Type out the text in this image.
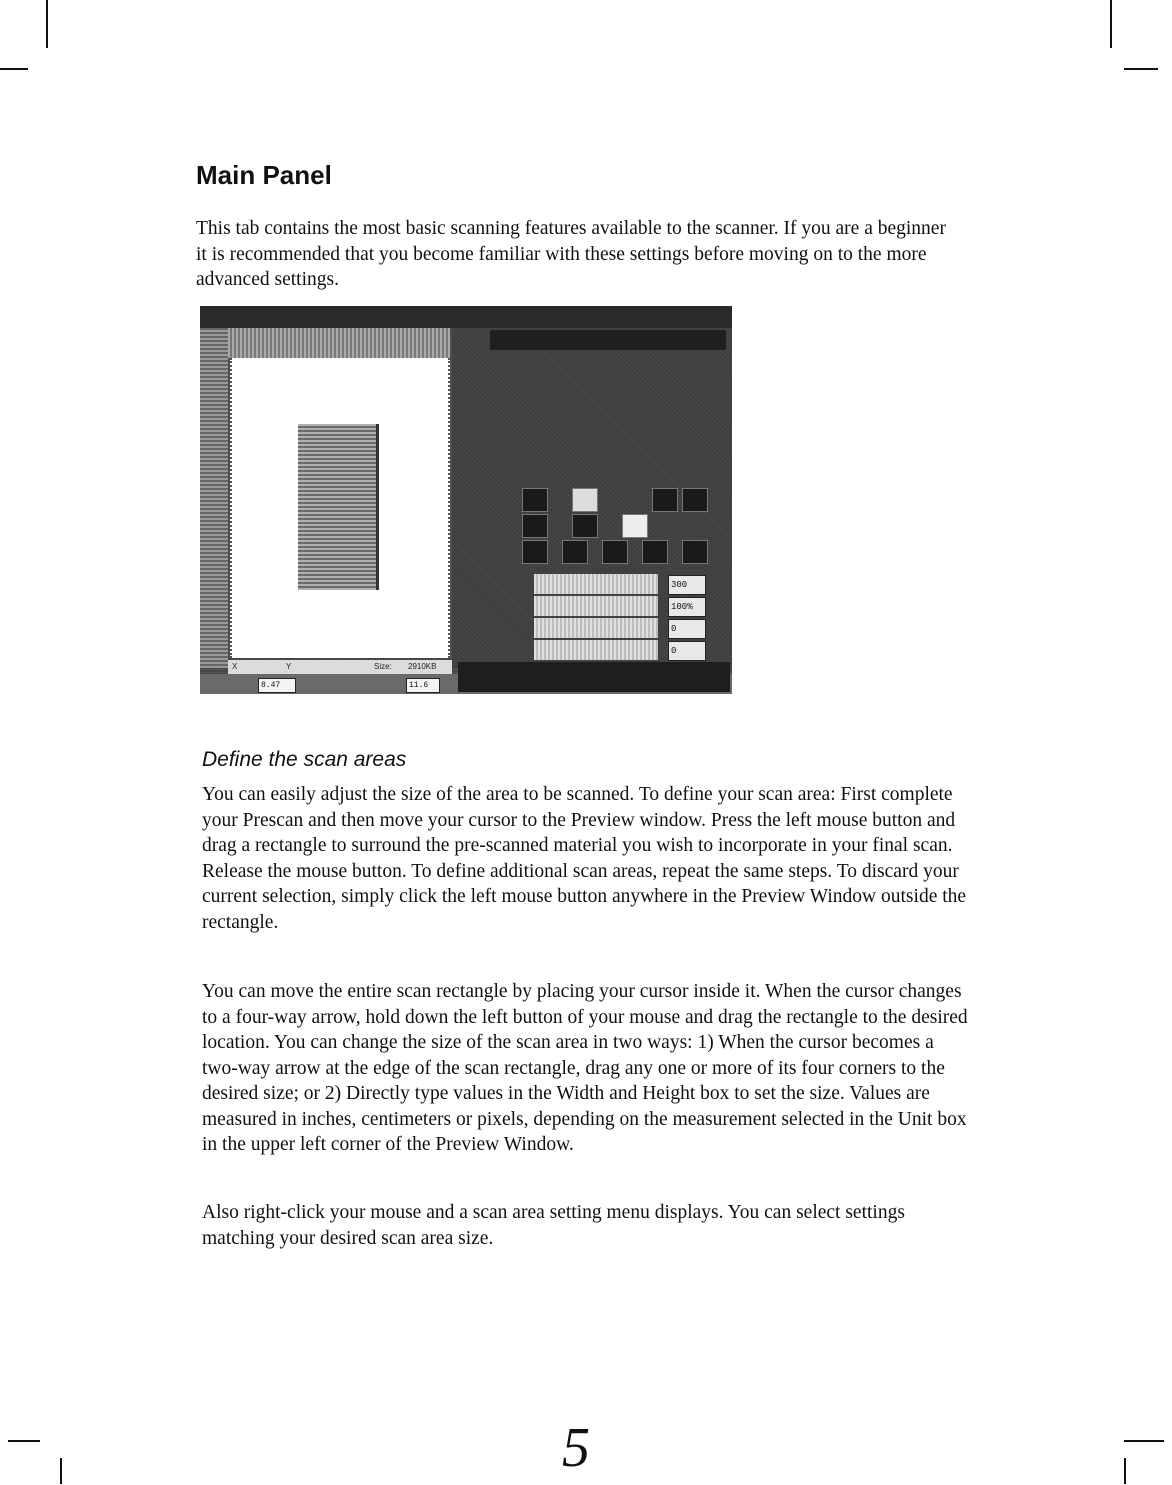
Main Panel

This tab contains the most basic scanning features available to the scanner. If you are a beginner it is recommended that you become familiar with these settings before moving on to the more advanced settings.

300
100%
0
0
X	Y	Size: 2910KB
8.47	11.6
Define the scan areas

You can easily adjust the size of the area to be scanned. To define your scan area: First complete your Prescan and then move your cursor to the Preview window. Press the left mouse button and drag a rectangle to surround the pre-scanned material you wish to incorporate in your final scan. Release the mouse button. To define additional scan areas, repeat the same steps. To discard your current selection, simply click the left mouse button anywhere in the Preview Window outside the rectangle.

You can move the entire scan rectangle by placing your cursor inside it. When the cursor changes to a four-way arrow, hold down the left button of your mouse and drag the rectangle to the desired location. You can change the size of the scan area in two ways: 1) When the cursor becomes a two-way arrow at the edge of the scan rectangle, drag any one or more of its four corners to the desired size; or 2) Directly type values in the Width and Height box to set the size. Values are measured in inches, centimeters or pixels, depending on the measurement selected in the Unit box in the upper left corner of the Preview Window.

Also right-click your mouse and a scan area setting menu displays. You can select settings matching your desired scan area size.

5
